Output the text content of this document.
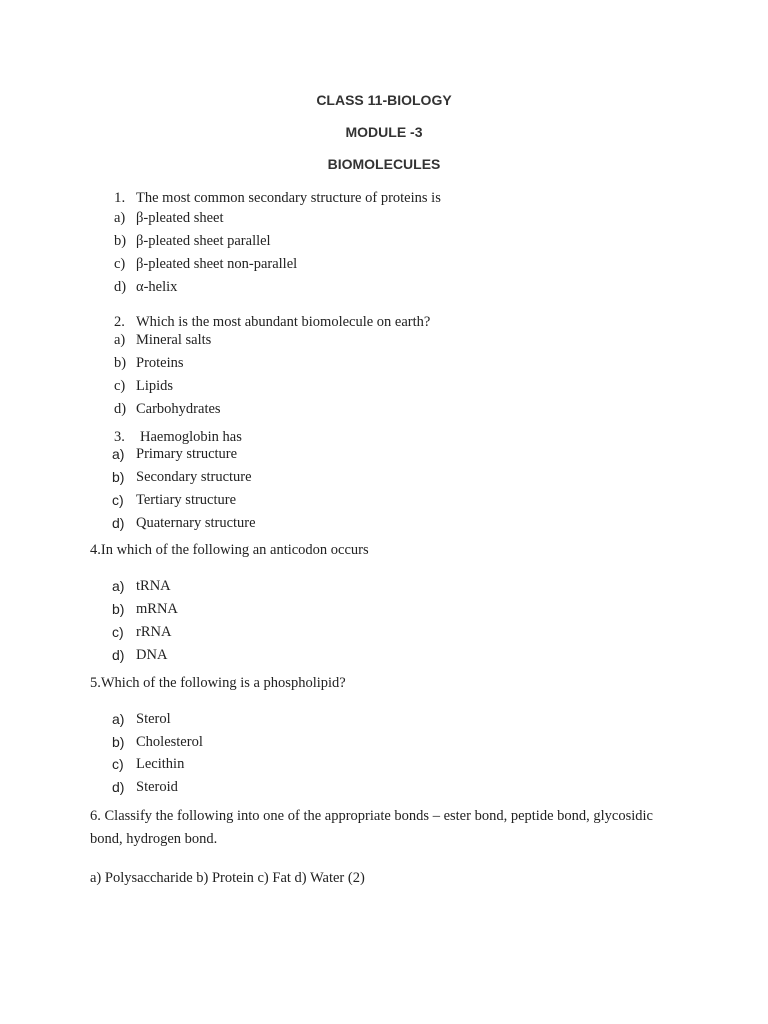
CLASS 11-BIOLOGY
MODULE -3
BIOMOLECULES
1. The most common secondary structure of proteins is
a) β-pleated sheet
b) β-pleated sheet parallel
c) β-pleated sheet non-parallel
d) α-helix
2. Which is the most abundant biomolecule on earth?
a) Mineral salts
b) Proteins
c) Lipids
d) Carbohydrates
3. Haemoglobin has
a) Primary structure
b) Secondary structure
c) Tertiary structure
d) Quaternary structure
4.In which of the following an anticodon occurs
a) tRNA
b) mRNA
c) rRNA
d) DNA
5.Which of the following is a phospholipid?
a) Sterol
b) Cholesterol
c) Lecithin
d) Steroid
6. Classify the following into one of the appropriate bonds – ester bond, peptide bond, glycosidic
bond, hydrogen bond.
a) Polysaccharide b) Protein c) Fat d) Water (2)
